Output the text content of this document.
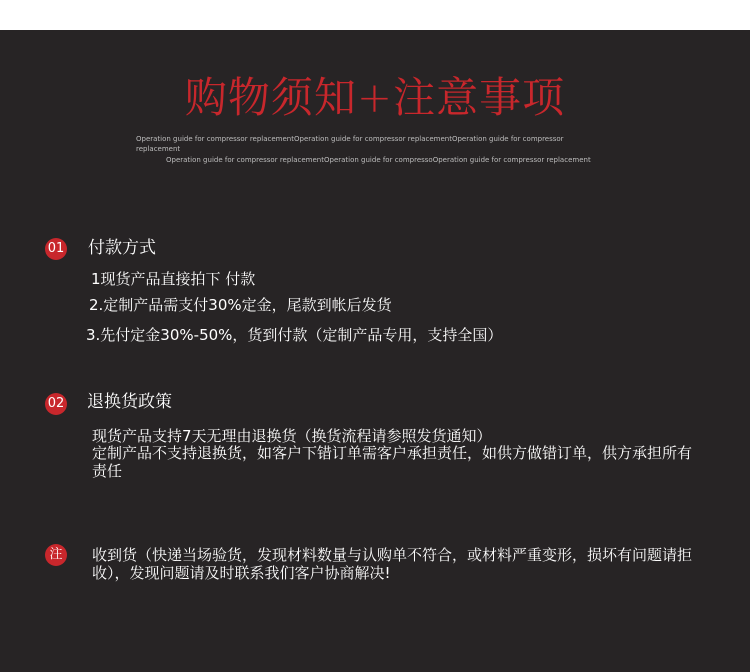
购物须知+注意事项

Operation guide for compressor replacementOperation guide for compressor replacementOperation guide for compressor replacement

Operation guide for compressor replacementOperation guide for compressoOperation guide for compressor replacement

01 付款方式
1现货产品直接拍下 付款
2.定制产品需支付30%定金，尾款到帐后发货
3.先付定金30%-50%，货到付款（定制产品专用，支持全国）
02 退换货政策
现货产品支持7天无理由退换货（换货流程请参照发货通知）
定制产品不支持退换货，如客户下错订单需客户承担责任，如供方做错订单，供方承担所有责任
注	收到货（快递当场验货，发现材料数量与认购单不符合，或材料严重变形，损坏有问题请拒收），发现问题请及时联系我们客户协商解决!
